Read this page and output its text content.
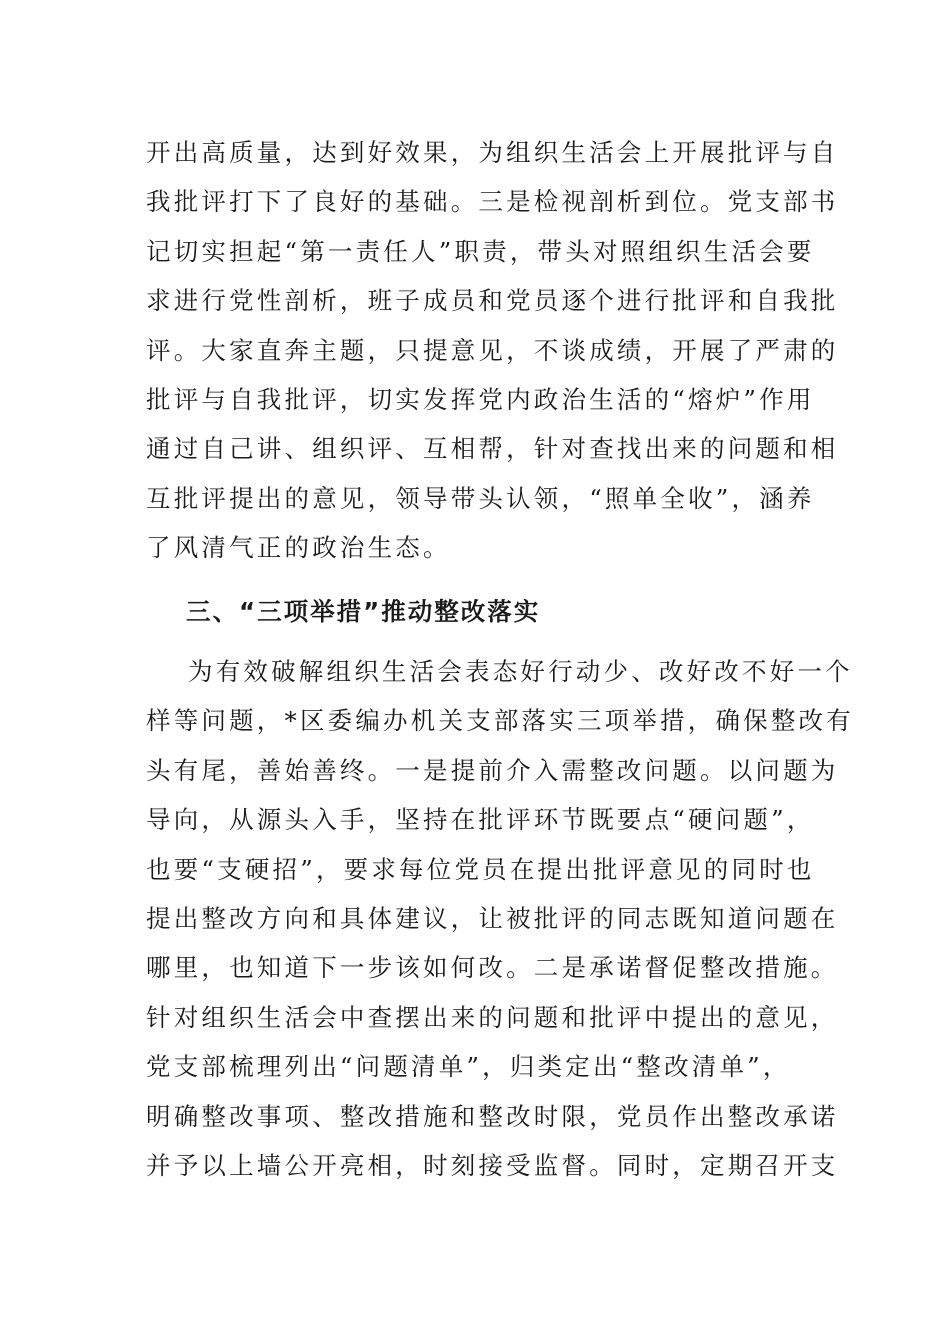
开出高质量，达到好效果，为组织生活会上开展批评与自
我批评打下了良好的基础。三是检视剖析到位。党支部书
记切实担起“第一责任人”职责，带头对照组织生活会要
求进行党性剖析，班子成员和党员逐个进行批评和自我批
评。大家直奔主题，只提意见，不谈成绩，开展了严肃的
批评与自我批评，切实发挥党内政治生活的“熔炉”作用
通过自己讲、组织评、互相帮，针对查找出来的问题和相
互批评提出的意见，领导带头认领，“照单全收”，涵养
了风清气正的政治生态。
三、“三项举措”推动整改落实
为有效破解组织生活会表态好行动少、改好改不好一个
样等问题，*区委编办机关支部落实三项举措，确保整改有
头有尾，善始善终。一是提前介入需整改问题。以问题为
导向，从源头入手，坚持在批评环节既要点“硬问题”，
也要“支硬招”，要求每位党员在提出批评意见的同时也
提出整改方向和具体建议，让被批评的同志既知道问题在
哪里，也知道下一步该如何改。二是承诺督促整改措施。
针对组织生活会中查摆出来的问题和批评中提出的意见，
党支部梳理列出“问题清单”，归类定出“整改清单”，
明确整改事项、整改措施和整改时限，党员作出整改承诺
并予以上墙公开亮相，时刻接受监督。同时，定期召开支
